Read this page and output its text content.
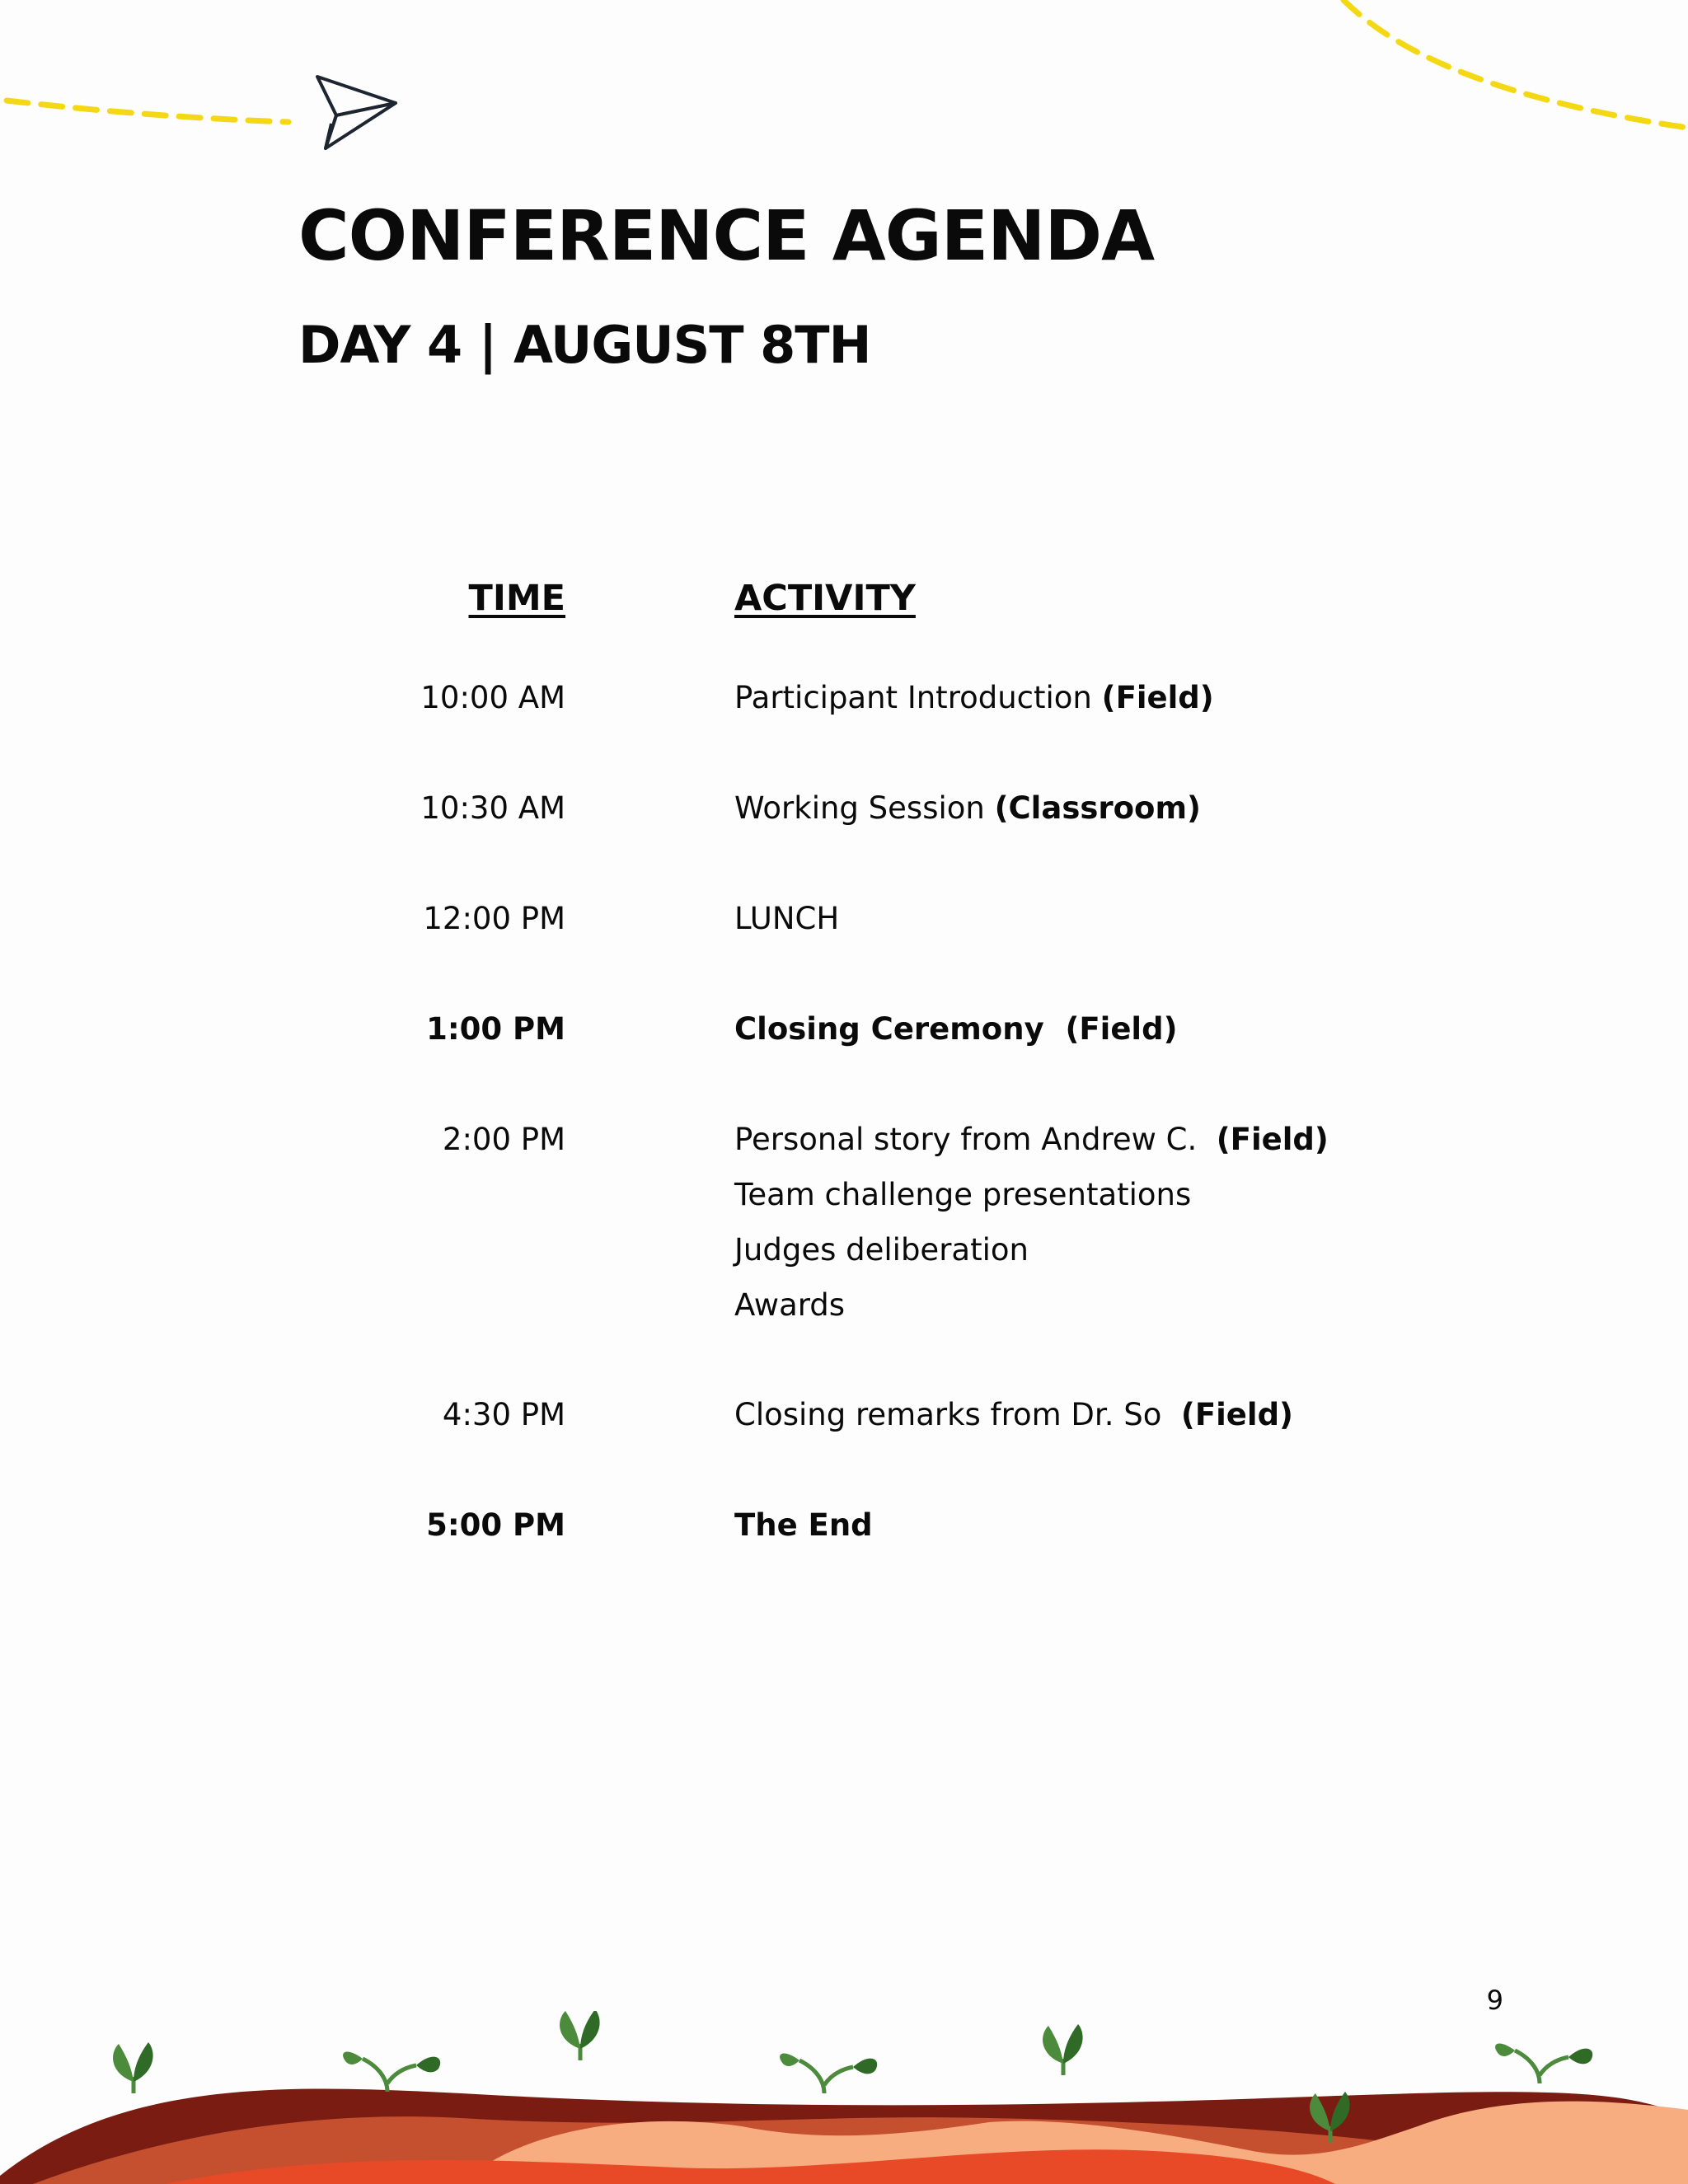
CONFERENCE AGENDA
DAY 4 | AUGUST 8TH
TIME	ACTIVITY
10:00 AM	Participant Introduction (Field)
10:30 AM	Working Session (Classroom)
12:00 PM	LUNCH
1:00 PM	Closing Ceremony (Field)
2:00 PM	Personal story from Andrew C. (Field)
Team challenge presentations
Judges deliberation
Awards
4:30 PM	Closing remarks from Dr. So (Field)
5:00 PM	The End
9
